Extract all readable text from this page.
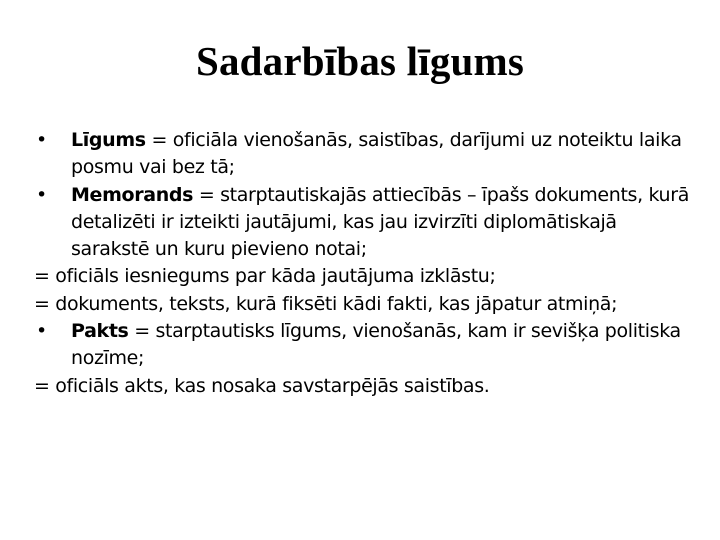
Sadarbības līgums

• Līgums = oficiāla vienošanās, saistības, darījumi uz noteiktu laika posmu vai bez tā;

• Memorands = starptautiskajās attiecībās – īpašs dokuments, kurā detalizēti ir izteikti jautājumi, kas jau izvirzīti diplomātiskajā sarakstē un kuru pievieno notai;

= oficiāls iesniegums par kāda jautājuma izklāstu;

= dokuments, teksts, kurā fiksēti kādi fakti, kas jāpatur atmiņā;

• Pakts = starptautisks līgums, vienošanās, kam ir sevišķa politiska nozīme;

= oficiāls akts, kas nosaka savstarpējās saistības.
